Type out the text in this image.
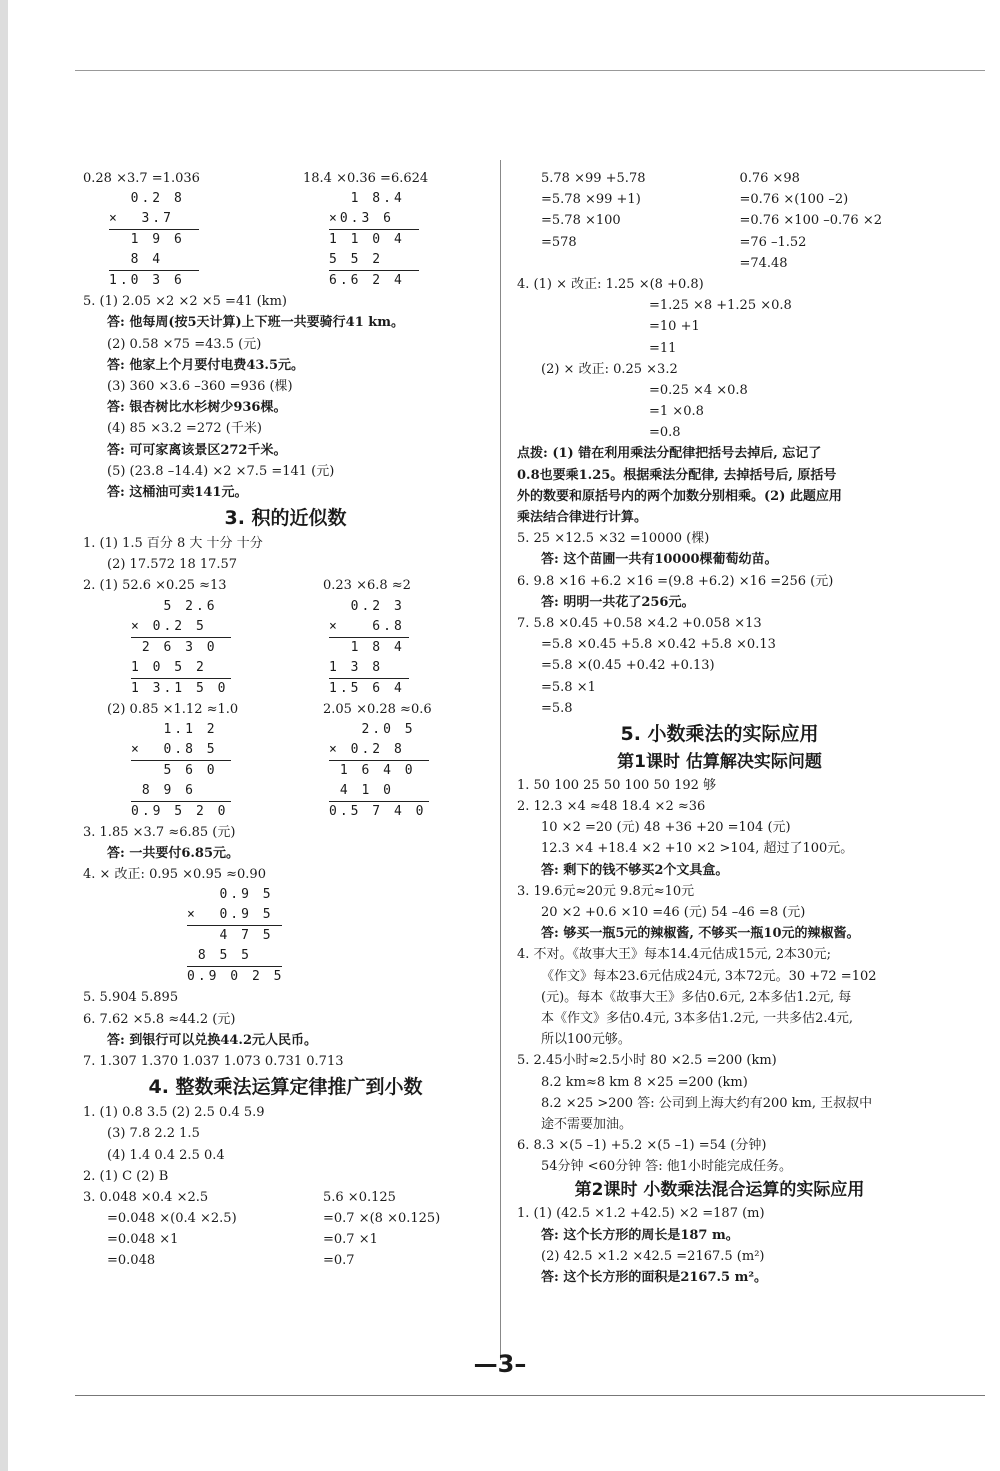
0.28 ×3.7 =1.036	18.4 ×0.36 =6.624
0.2 8
×  3.7
1 9 6
8 4
1.0 3 6
1 8.4
×0.3 6
1 1 0 4
5 5 2
6.6 2 4
5. (1) 2.05 ×2 ×2 ×5 =41 (km)
答: 他每周(按5天计算)上下班一共要骑行41 km。
(2) 0.58 ×75 =43.5 (元)
答: 他家上个月要付电费43.5元。
(3) 360 ×3.6 –360 =936 (棵)
答: 银杏树比水杉树少936棵。
(4) 85 ×3.2 =272 (千米)
答: 可可家离该景区272千米。
(5) (23.8 –14.4) ×2 ×7.5 =141 (元)
答: 这桶油可卖141元。
3. 积的近似数
1. (1) 1.5 百分 8 大 十分 十分
(2) 17.572 18 17.57
2. (1) 52.6 ×0.25 ≈13	0.23 ×6.8 ≈2
5 2.6
× 0.2 5
2 6 3 0
1 0 5 2
1 3.1 5 0
0.2 3
×   6.8
1 8 4
1 3 8
1.5 6 4
(2) 0.85 ×1.12 ≈1.0	2.05 ×0.28 ≈0.6
1.1 2
×  0.8 5
5 6 0
8 9 6
0.9 5 2 0
2.0 5
× 0.2 8
1 6 4 0
4 1 0
0.5 7 4 0
3. 1.85 ×3.7 ≈6.85 (元)
答: 一共要付6.85元。
4. × 改正: 0.95 ×0.95 ≈0.90
0.9 5
×  0.9 5
4 7 5
8 5 5
0.9 0 2 5
5. 5.904 5.895
6. 7.62 ×5.8 ≈44.2 (元)
答: 到银行可以兑换44.2元人民币。
7. 1.307 1.370 1.037 1.073 0.731 0.713
4. 整数乘法运算定律推广到小数
1. (1) 0.8 3.5 (2) 2.5 0.4 5.9
(3) 7.8 2.2 1.5
(4) 1.4 0.4 2.5 0.4
2. (1) C (2) B
3. 0.048 ×0.4 ×2.5
=0.048 ×(0.4 ×2.5)
=0.048 ×1
=0.048
5.6 ×0.125
=0.7 ×(8 ×0.125)
=0.7 ×1
=0.7
5.78 ×99 +5.78
=5.78 ×99 +1)
=5.78 ×100
=578
0.76 ×98
=0.76 ×(100 –2)
=0.76 ×100 –0.76 ×2
=76 –1.52
=74.48
4. (1) × 改正: 1.25 ×(8 +0.8)
=1.25 ×8 +1.25 ×0.8
=10 +1
=11
(2) × 改正: 0.25 ×3.2
=0.25 ×4 ×0.8
=1 ×0.8
=0.8
点拨: (1) 错在利用乘法分配律把括号去掉后, 忘记了
0.8也要乘1.25。根据乘法分配律, 去掉括号后, 原括号
外的数要和原括号内的两个加数分别相乘。(2) 此题应用
乘法结合律进行计算。
5. 25 ×12.5 ×32 =10000 (棵)
答: 这个苗圃一共有10000棵葡萄幼苗。
6. 9.8 ×16 +6.2 ×16 =(9.8 +6.2) ×16 =256 (元)
答: 明明一共花了256元。
7. 5.8 ×0.45 +0.58 ×4.2 +0.058 ×13
=5.8 ×0.45 +5.8 ×0.42 +5.8 ×0.13
=5.8 ×(0.45 +0.42 +0.13)
=5.8 ×1
=5.8
5. 小数乘法的实际应用
第1课时 估算解决实际问题
1. 50 100 25 50 100 50 192 够
2. 12.3 ×4 ≈48 18.4 ×2 ≈36
10 ×2 =20 (元) 48 +36 +20 =104 (元)
12.3 ×4 +18.4 ×2 +10 ×2 >104, 超过了100元。
答: 剩下的钱不够买2个文具盒。
3. 19.6元≈20元 9.8元≈10元
20 ×2 +0.6 ×10 =46 (元) 54 –46 =8 (元)
答: 够买一瓶5元的辣椒酱, 不够买一瓶10元的辣椒酱。
4. 不对。《故事大王》每本14.4元估成15元, 2本30元;
《作文》每本23.6元估成24元, 3本72元。30 +72 =102
(元)。每本《故事大王》多估0.6元, 2本多估1.2元, 每
本《作文》多估0.4元, 3本多估1.2元, 一共多估2.4元,
所以100元够。
5. 2.45小时≈2.5小时 80 ×2.5 =200 (km)
8.2 km≈8 km 8 ×25 =200 (km)
8.2 ×25 >200 答: 公司到上海大约有200 km, 王叔叔中
途不需要加油。
6. 8.3 ×(5 –1) +5.2 ×(5 –1) =54 (分钟)
54分钟 <60分钟 答: 他1小时能完成任务。
第2课时 小数乘法混合运算的实际应用
1. (1) (42.5 ×1.2 +42.5) ×2 =187 (m)
答: 这个长方形的周长是187 m。
(2) 42.5 ×1.2 ×42.5 =2167.5 (m²)
答: 这个长方形的面积是2167.5 m²。
—3–
